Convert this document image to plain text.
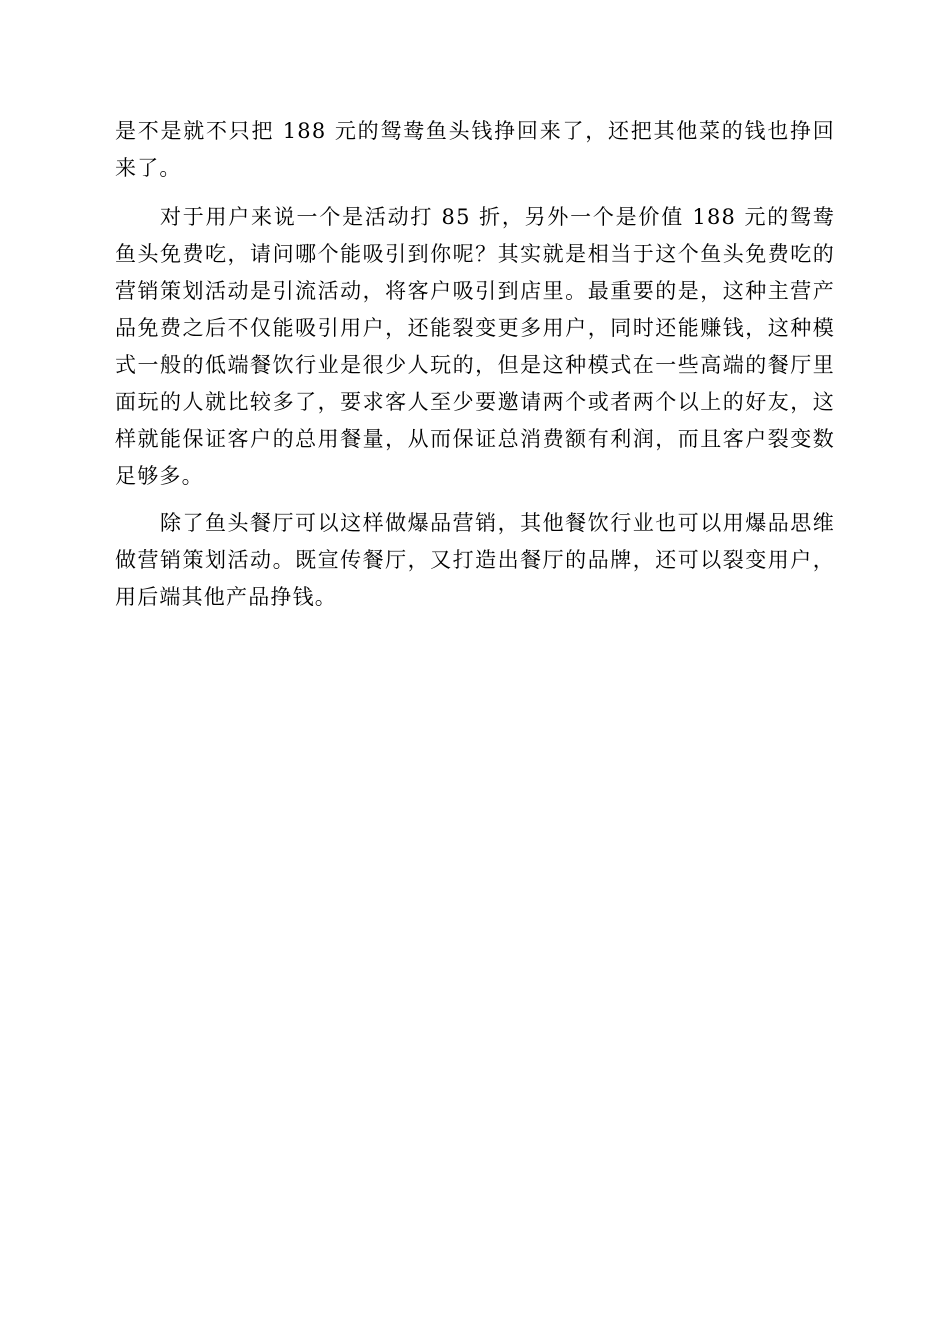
是不是就不只把 188 元的鸳鸯鱼头钱挣回来了，还把其他菜的钱也挣回来了。

对于用户来说一个是活动打 85 折，另外一个是价值 188 元的鸳鸯鱼头免费吃，请问哪个能吸引到你呢？其实就是相当于这个鱼头免费吃的营销策划活动是引流活动，将客户吸引到店里。最重要的是，这种主营产品免费之后不仅能吸引用户，还能裂变更多用户，同时还能赚钱，这种模式一般的低端餐饮行业是很少人玩的，但是这种模式在一些高端的餐厅里面玩的人就比较多了，要求客人至少要邀请两个或者两个以上的好友，这样就能保证客户的总用餐量，从而保证总消费额有利润，而且客户裂变数足够多。

除了鱼头餐厅可以这样做爆品营销，其他餐饮行业也可以用爆品思维做营销策划活动。既宣传餐厅，又打造出餐厅的品牌，还可以裂变用户，用后端其他产品挣钱。
